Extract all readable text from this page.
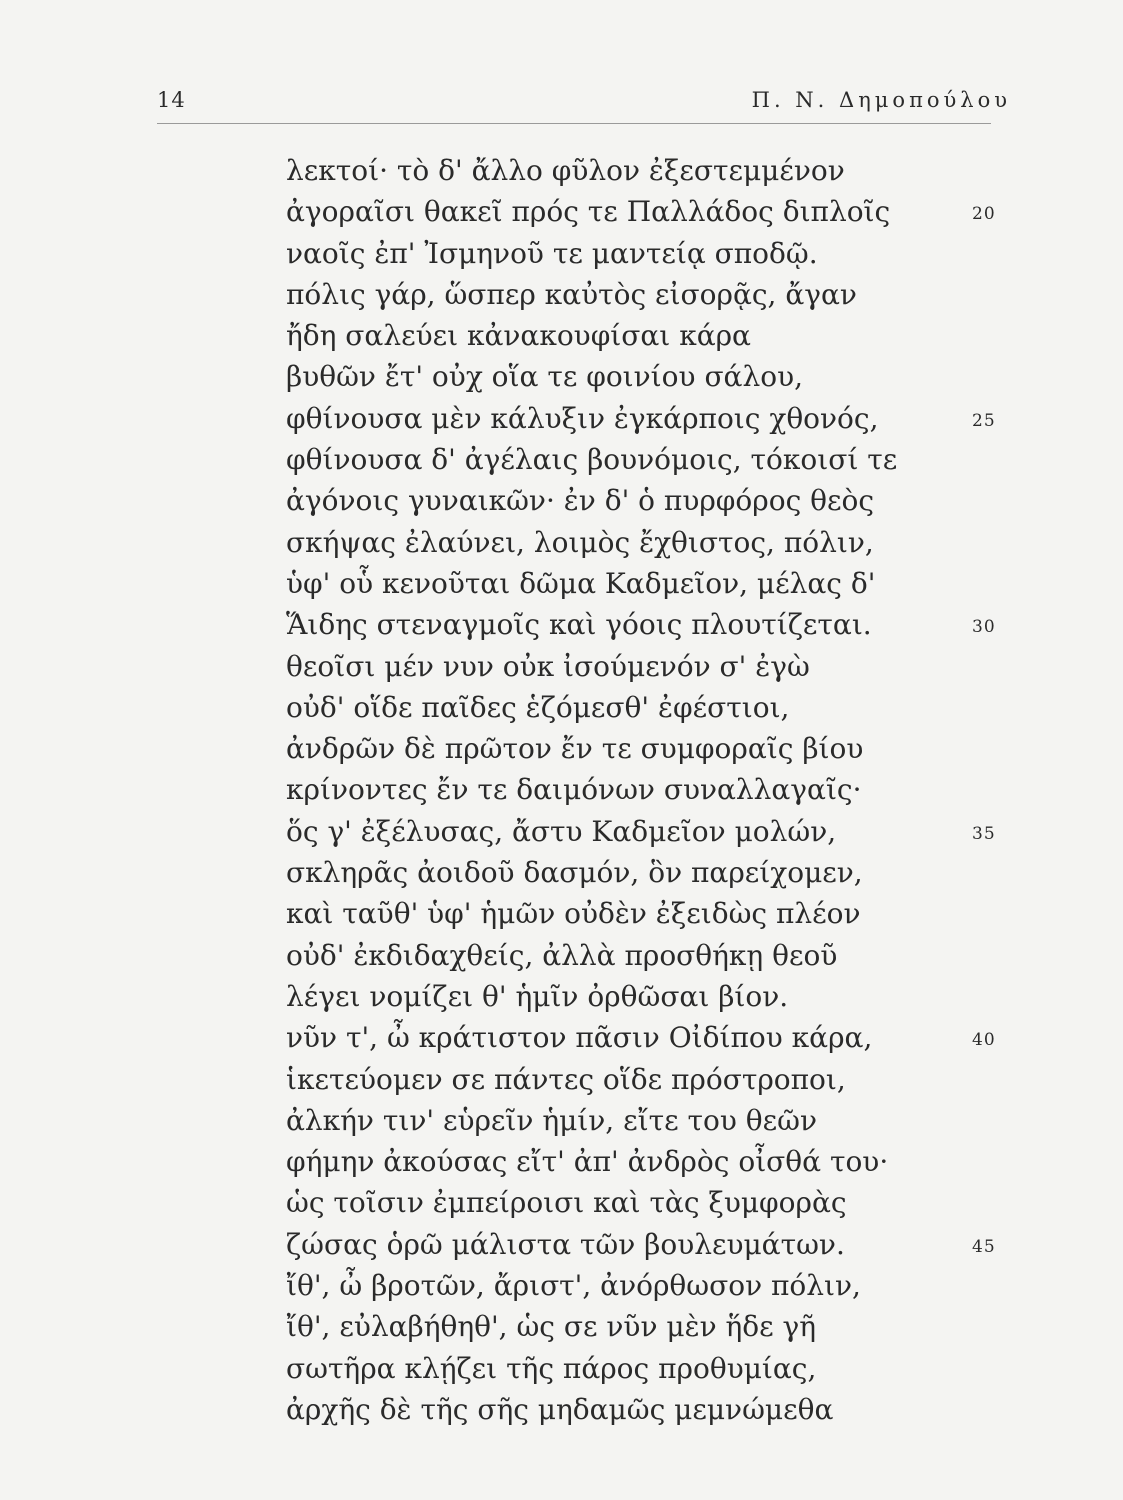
14	Π. Ν. Δημοπούλου
λεκτοί· τὸ δ' ἄλλο φῦλον ἐξεστεμμένον
ἀγοραῖσι θακεῖ πρός τε Παλλάδος διπλοῖς	20
ναοῖς ἐπ' Ἰσμηνοῦ τε μαντείᾳ σποδῷ.
πόλις γάρ, ὥσπερ καὐτὸς εἰσορᾷς, ἄγαν
ἤδη σαλεύει κἀνακουφίσαι κάρα
βυθῶν ἔτ' οὐχ οἵα τε φοινίου σάλου,
φθίνουσα μὲν κάλυξιν ἐγκάρποις χθονός,	25
φθίνουσα δ' ἀγέλαις βουνόμοις, τόκοισί τε
ἀγόνοις γυναικῶν· ἐν δ' ὁ πυρφόρος θεὸς
σκήψας ἐλαύνει, λοιμὸς ἔχθιστος, πόλιν,
ὑφ' οὗ κενοῦται δῶμα Καδμεῖον, μέλας δ'
Ἅιδης στεναγμοῖς καὶ γόοις πλουτίζεται.	30
θεοῖσι μέν νυν οὐκ ἰσούμενόν σ' ἐγὼ
οὐδ' οἵδε παῖδες ἑζόμεσθ' ἐφέστιοι,
ἀνδρῶν δὲ πρῶτον ἔν τε συμφοραῖς βίου
κρίνοντες ἔν τε δαιμόνων συναλλαγαῖς·
ὅς γ' ἐξέλυσας, ἄστυ Καδμεῖον μολών,	35
σκληρᾶς ἀοιδοῦ δασμόν, ὃν παρείχομεν,
καὶ ταῦθ' ὑφ' ἡμῶν οὐδὲν ἐξειδὼς πλέον
οὐδ' ἐκδιδαχθείς, ἀλλὰ προσθήκῃ θεοῦ
λέγει νομίζει θ' ἡμῖν ὀρθῶσαι βίον.
νῦν τ', ὦ κράτιστον πᾶσιν Οἰδίπου κάρα,	40
ἱκετεύομεν σε πάντες οἵδε πρόστροποι,
ἀλκήν τιν' εὑρεῖν ἡμίν, εἴτε του θεῶν
φήμην ἀκούσας εἴτ' ἀπ' ἀνδρὸς οἶσθά του·
ὡς τοῖσιν ἐμπείροισι καὶ τὰς ξυμφορὰς
ζώσας ὁρῶ μάλιστα τῶν βουλευμάτων.	45
ἴθ', ὦ βροτῶν, ἄριστ', ἀνόρθωσον πόλιν,
ἴθ', εὐλαβήθηθ', ὡς σε νῦν μὲν ἥδε γῆ
σωτῆρα κλῄζει τῆς πάρος προθυμίας,
ἀρχῆς δὲ τῆς σῆς μηδαμῶς μεμνώμεθα
